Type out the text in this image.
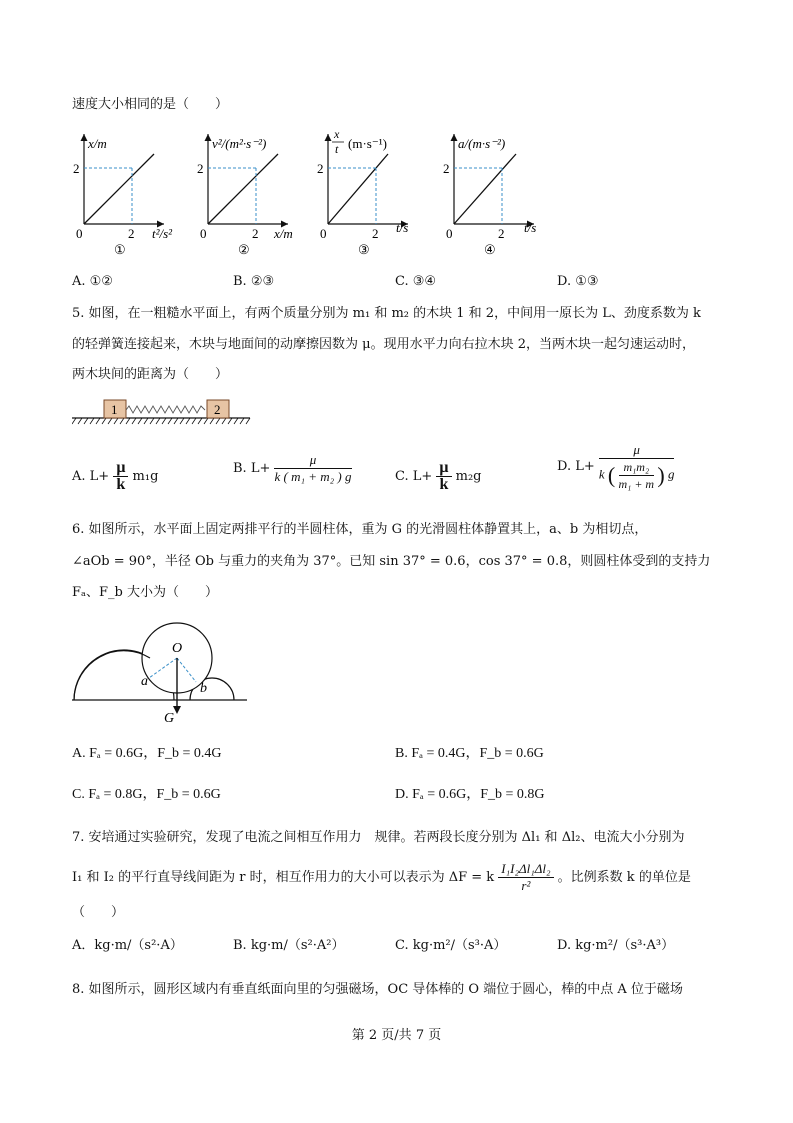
速度大小相同的是（　　）
x/m
2
0	2 t²/s²
①
v²/(m²·s⁻²)
2
0	2 x/m
②
x
t (m·s⁻¹)
2
0	2 t/s
③
a/(m·s⁻²)
2
0	2 t/s
④
A. ①②	B. ②③	C. ③④	D. ①③
5. 如图，在一粗糙水平面上，有两个质量分别为 m₁ 和 m₂ 的木块 1 和 2，中间用一原长为 L、劲度系数为 k
的轻弹簧连接起来，木块与地面间的动摩擦因数为 μ。现用水平力向右拉木块 2，当两木块一起匀速运动时，
两木块间的距离为（　　）
1	2
A. $L+ \frac{\mu}{k} m_1g$
B. $L+ \frac{\mu}{\text{k ( m₁ + m₂ ) g}}$	C. $L+ \frac{\mu}{k} m_2g$
D. L+
μ
k ( $\frac{\text{m₁m₂}}{\text{m₁ + m}}$ ) g
6. 如图所示，水平面上固定两排平行的半圆柱体，重为 G 的光滑圆柱体静置其上，a、b 为相切点，
∠aOb = 90°，半径 Ob 与重力的夹角为 37°。已知 sin 37° = 0.6，cos 37° = 0.8，则圆柱体受到的支持力
Fₐ、F_b 大小为（　　）
O
a	b
G
A. Fₐ = 0.6G，F_b = 0.4G	B. Fₐ = 0.4G，F_b = 0.6G
C. Fₐ = 0.8G，F_b = 0.6G	D. Fₐ = 0.6G，F_b = 0.8G
7. 安培通过实验研究，发现了电流之间相互作用力　规律。若两段长度分别为 Δl₁ 和 Δl₂、电流大小分别为
I₁ 和 I₂ 的平行直导线间距为 r 时，相互作用力的大小可以表示为 ΔF = k $\frac{\text{I₁I₂Δl₁Δl₂}}{\text{r²}}$ 。比例系数 k 的单位是
（　　）
A．kg·m/（s²·A）	B. kg·m/（s²·A²）	C. kg·m²/（s³·A）	D. kg·m²/（s³·A³）
8. 如图所示，圆形区域内有垂直纸面向里的匀强磁场，OC 导体棒的 O 端位于圆心，棒的中点 A 位于磁场
第 2 页/共 7 页
